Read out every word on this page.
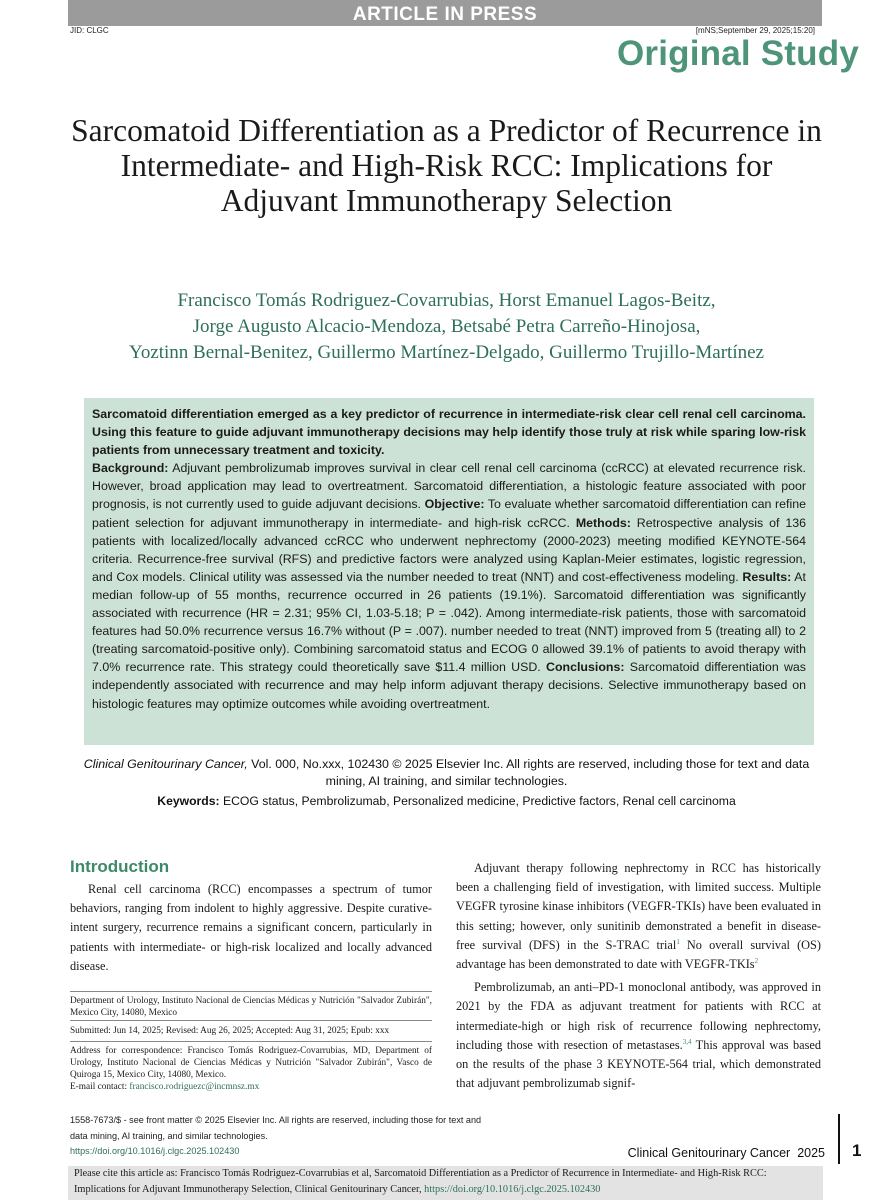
ARTICLE IN PRESS
JID: CLGC	[mNS;September 29, 2025;15:20]
Original Study
Sarcomatoid Differentiation as a Predictor of Recurrence in Intermediate- and High-Risk RCC: Implications for Adjuvant Immunotherapy Selection
Francisco Tomás Rodriguez-Covarrubias, Horst Emanuel Lagos-Beitz,
Jorge Augusto Alcacio-Mendoza, Betsabé Petra Carreño-Hinojosa,
Yoztinn Bernal-Benitez, Guillermo Martínez-Delgado, Guillermo Trujillo-Martínez
Sarcomatoid differentiation emerged as a key predictor of recurrence in intermediate-risk clear cell renal cell carcinoma. Using this feature to guide adjuvant immunotherapy decisions may help identify those truly at risk while sparing low-risk patients from unnecessary treatment and toxicity.
Background: Adjuvant pembrolizumab improves survival in clear cell renal cell carcinoma (ccRCC) at elevated recurrence risk. However, broad application may lead to overtreatment. Sarcomatoid differentiation, a histologic feature associated with poor prognosis, is not currently used to guide adjuvant decisions. Objective: To evaluate whether sarcomatoid differentiation can refine patient selection for adjuvant immunotherapy in intermediate- and high-risk ccRCC. Methods: Retrospective analysis of 136 patients with localized/locally advanced ccRCC who underwent nephrectomy (2000-2023) meeting modified KEYNOTE-564 criteria. Recurrence-free survival (RFS) and predictive factors were analyzed using Kaplan-Meier estimates, logistic regression, and Cox models. Clinical utility was assessed via the number needed to treat (NNT) and cost-effectiveness modeling. Results: At median follow-up of 55 months, recurrence occurred in 26 patients (19.1%). Sarcomatoid differentiation was significantly associated with recurrence (HR = 2.31; 95% CI, 1.03-5.18; P = .042). Among intermediate-risk patients, those with sarcomatoid features had 50.0% recurrence versus 16.7% without (P = .007). number needed to treat (NNT) improved from 5 (treating all) to 2 (treating sarcomatoid-positive only). Combining sarcomatoid status and ECOG 0 allowed 39.1% of patients to avoid therapy with 7.0% recurrence rate. This strategy could theoretically save $11.4 million USD. Conclusions: Sarcomatoid differentiation was independently associated with recurrence and may help inform adjuvant therapy decisions. Selective immunotherapy based on histologic features may optimize outcomes while avoiding overtreatment.
Clinical Genitourinary Cancer, Vol. 000, No.xxx, 102430 © 2025 Elsevier Inc. All rights are reserved, including those for text and data mining, AI training, and similar technologies.
Keywords: ECOG status, Pembrolizumab, Personalized medicine, Predictive factors, Renal cell carcinoma
Introduction

Renal cell carcinoma (RCC) encompasses a spectrum of tumor behaviors, ranging from indolent to highly aggressive. Despite curative-intent surgery, recurrence remains a significant concern, particularly in patients with intermediate- or high-risk localized and locally advanced disease.

Adjuvant therapy following nephrectomy in RCC has historically been a challenging field of investigation, with limited success. Multiple VEGFR tyrosine kinase inhibitors (VEGFR-TKIs) have been evaluated in this setting; however, only sunitinib demonstrated a benefit in disease-free survival (DFS) in the S-TRAC trial$^1$ No overall survival (OS) advantage has been demonstrated to date with VEGFR-TKIs$^2$

Pembrolizumab, an anti–PD-1 monoclonal antibody, was approved in 2021 by the FDA as adjuvant treatment for patients with RCC at intermediate-high or high risk of recurrence following nephrectomy, including those with resection of metastases.$^{3,4}$ This approval was based on the results of the phase 3 KEYNOTE-564 trial, which demonstrated that adjuvant pembrolizumab signif-

Department of Urology, Instituto Nacional de Ciencias Médicas y Nutrición "Salvador Zubirán", Mexico City, 14080, Mexico
Submitted: Jun 14, 2025; Revised: Aug 26, 2025; Accepted: Aug 31, 2025; Epub: xxx
Address for correspondence: Francisco Tomás Rodriguez-Covarrubias, MD, Department of Urology, Instituto Nacional de Ciencias Médicas y Nutrición "Salvador Zubirán", Vasco de Quiroga 15, Mexico City, 14080, Mexico.
E-mail contact: francisco.rodriguezc@incmnsz.mx
1558-7673/$ - see front matter © 2025 Elsevier Inc. All rights are reserved, including those for text and data mining, AI training, and similar technologies.
https://doi.org/10.1016/j.clgc.2025.102430	Clinical Genitourinary Cancer 2025 1
Please cite this article as: Francisco Tomás Rodriguez-Covarrubias et al, Sarcomatoid Differentiation as a Predictor of Recurrence in Intermediate- and High-Risk RCC: Implications for Adjuvant Immunotherapy Selection, Clinical Genitourinary Cancer, https://doi.org/10.1016/j.clgc.2025.102430
